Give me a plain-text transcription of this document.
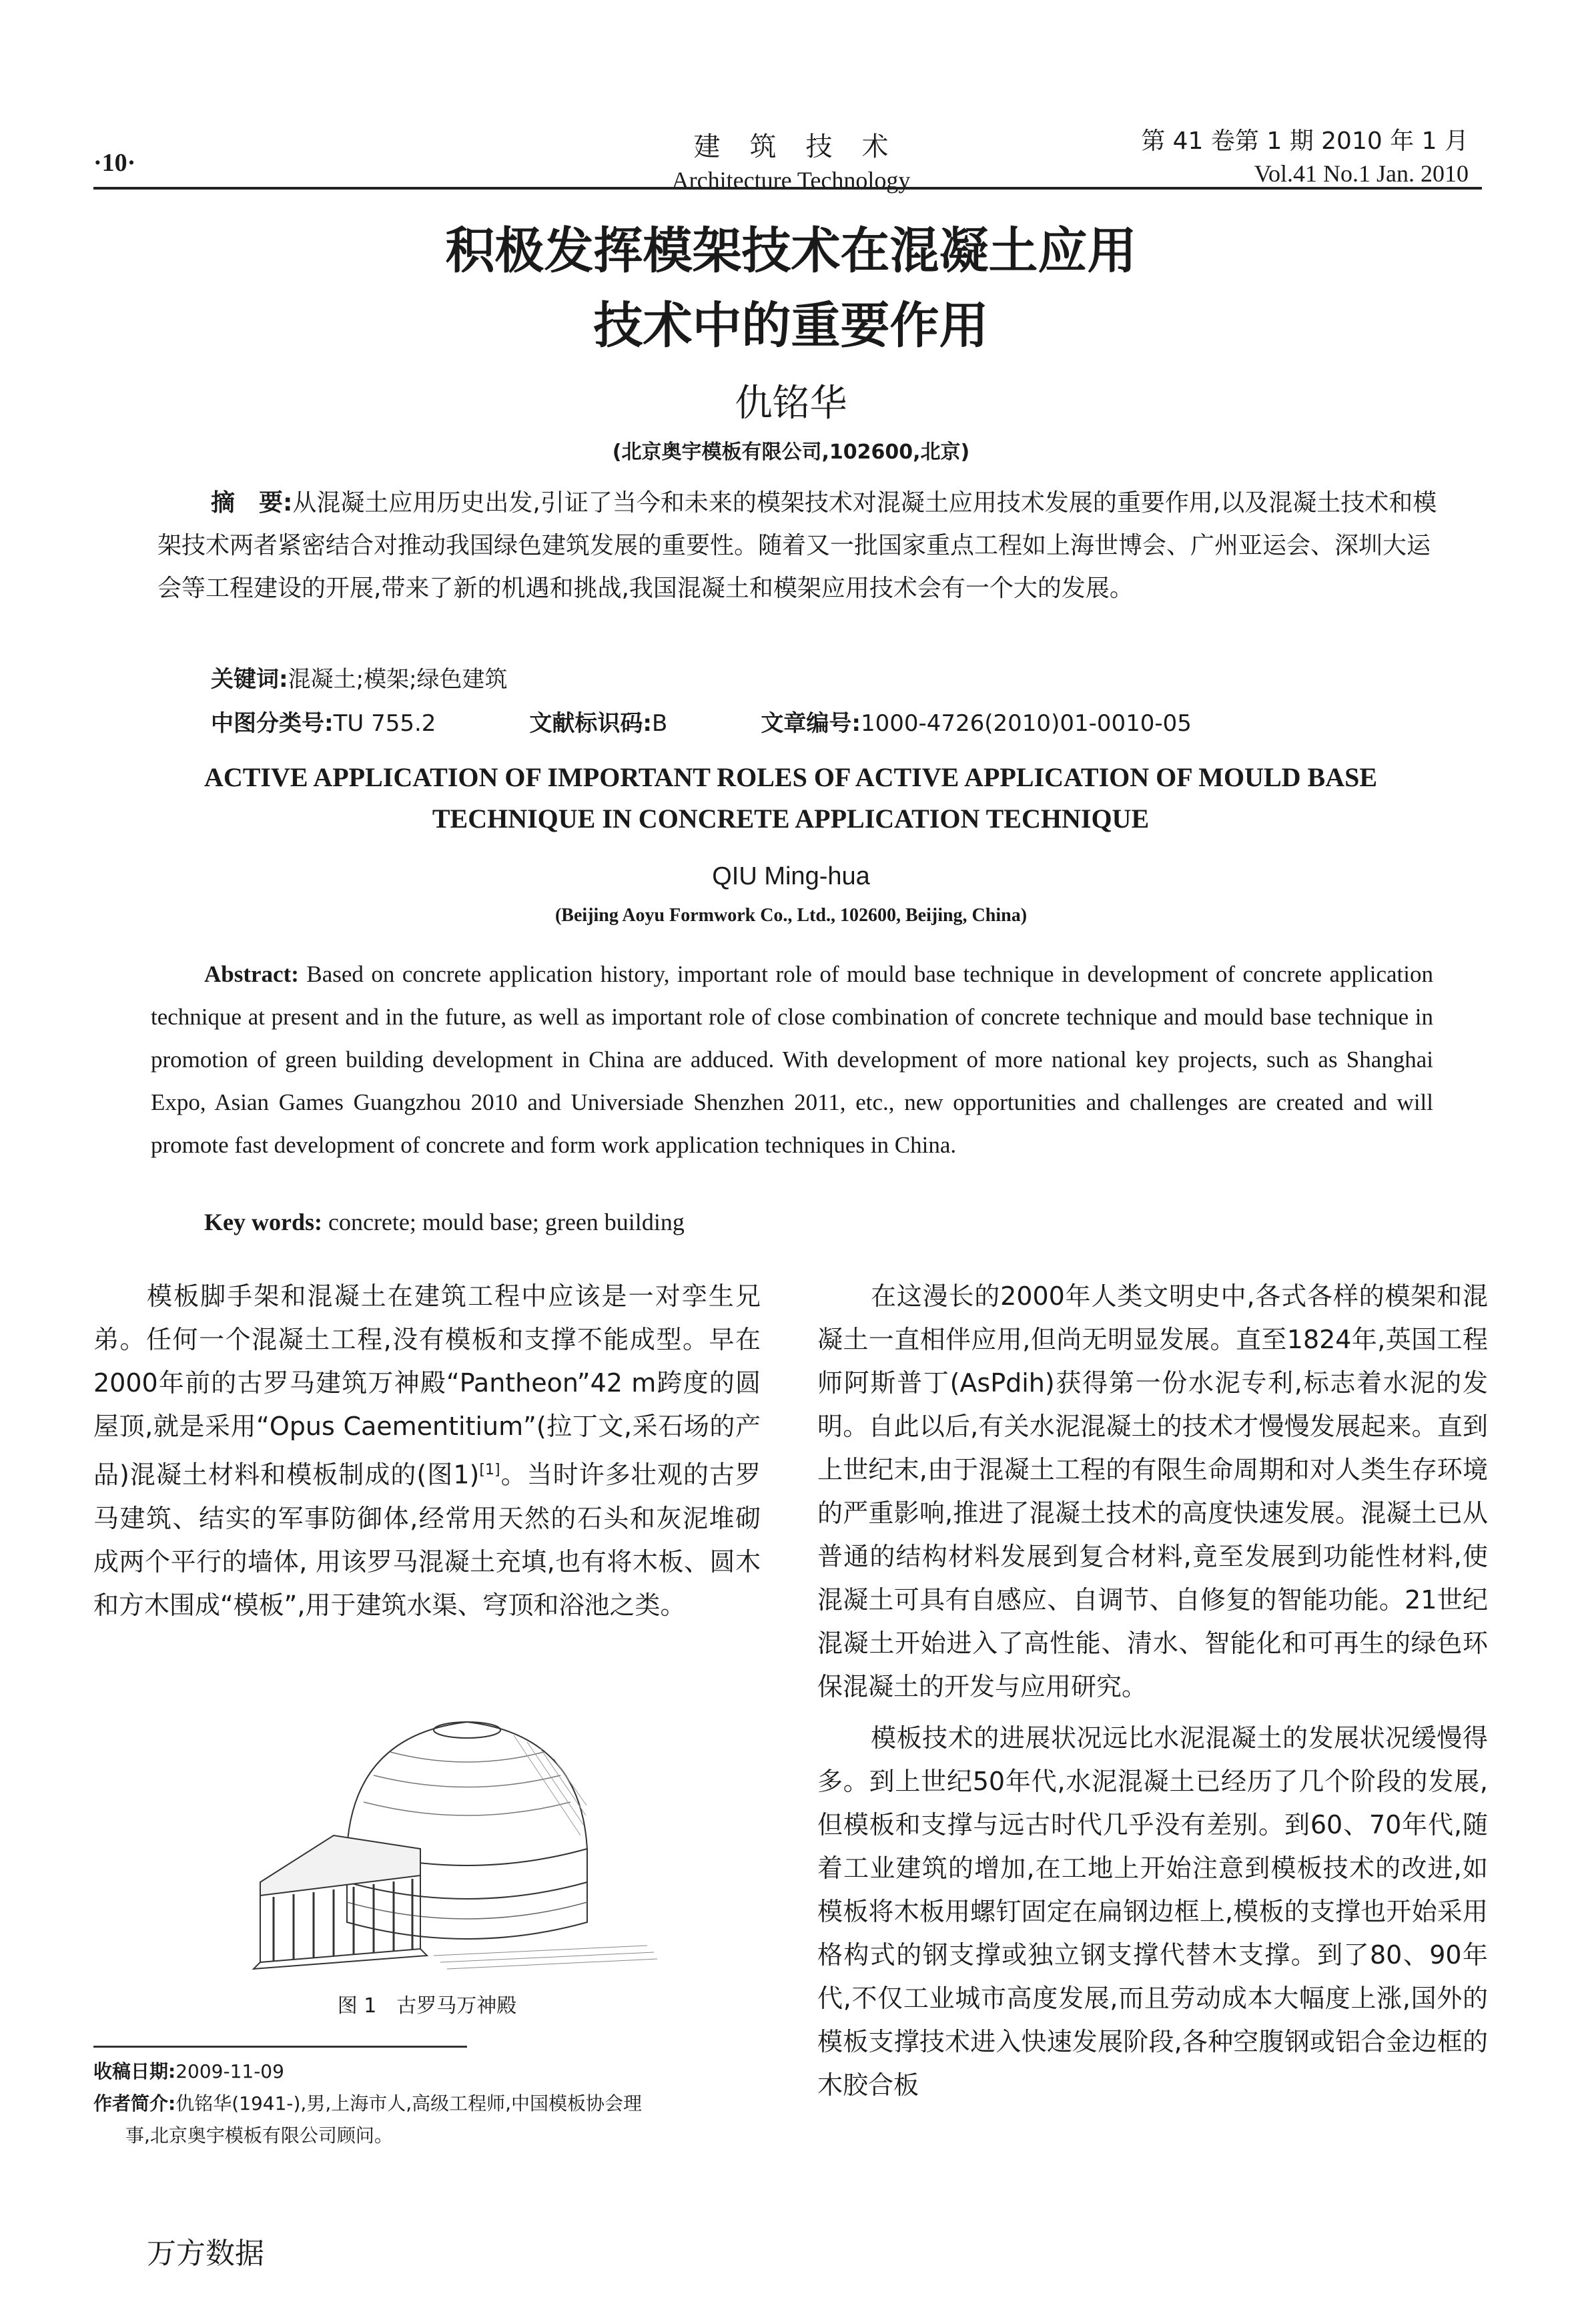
·10·
建筑技术
Architecture Technology
第 41 卷第 1 期 2010 年 1 月
Vol.41 No.1 Jan. 2010
积极发挥模架技术在混凝土应用
技术中的重要作用
仇铭华
(北京奥宇模板有限公司,102600,北京)
摘　要:从混凝土应用历史出发,引证了当今和未来的模架技术对混凝土应用技术发展的重要作用,以及混凝土技术和模架技术两者紧密结合对推动我国绿色建筑发展的重要性。随着又一批国家重点工程如上海世博会、广州亚运会、深圳大运会等工程建设的开展,带来了新的机遇和挑战,我国混凝土和模架应用技术会有一个大的发展。
关键词:混凝土;模架;绿色建筑
中图分类号:TU 755.2	文献标识码:B	文章编号:1000-4726(2010)01-0010-05
ACTIVE APPLICATION OF IMPORTANT ROLES OF ACTIVE APPLICATION OF MOULD BASE
TECHNIQUE IN CONCRETE APPLICATION TECHNIQUE
QIU Ming-hua
(Beijing Aoyu Formwork Co., Ltd., 102600, Beijing, China)
Abstract: Based on concrete application history, important role of mould base technique in development of concrete application technique at present and in the future, as well as important role of close combination of concrete technique and mould base technique in promotion of green building development in China are adduced. With development of more national key projects, such as Shanghai Expo, Asian Games Guangzhou 2010 and Universiade Shenzhen 2011, etc., new opportunities and challenges are created and will promote fast development of concrete and form work application techniques in China.
Key words: concrete; mould base; green building

模板脚手架和混凝土在建筑工程中应该是一对孪生兄弟。任何一个混凝土工程,没有模板和支撑不能成型。早在2000年前的古罗马建筑万神殿“Pantheon”42 m跨度的圆屋顶,就是采用“Opus Caementitium”(拉丁文,采石场的产品)混凝土材料和模板制成的(图1)[1]。当时许多壮观的古罗马建筑、结实的军事防御体,经常用天然的石头和灰泥堆砌成两个平行的墙体, 用该罗马混凝土充填,也有将木板、圆木和方木围成“模板”,用于建筑水渠、穹顶和浴池之类。

图 1　古罗马万神殿
收稿日期:2009-11-09
作者简介:仇铭华(1941-),男,上海市人,高级工程师,中国模板协会理
事,北京奥宇模板有限公司顾问。

在这漫长的2000年人类文明史中,各式各样的模架和混凝土一直相伴应用,但尚无明显发展。直至1824年,英国工程师阿斯普丁(AsPdih)获得第一份水泥专利,标志着水泥的发明。自此以后,有关水泥混凝土的技术才慢慢发展起来。直到上世纪末,由于混凝土工程的有限生命周期和对人类生存环境的严重影响,推进了混凝土技术的高度快速发展。混凝土已从普通的结构材料发展到复合材料,竟至发展到功能性材料,使混凝土可具有自感应、自调节、自修复的智能功能。21世纪混凝土开始进入了高性能、清水、智能化和可再生的绿色环保混凝土的开发与应用研究。

模板技术的进展状况远比水泥混凝土的发展状况缓慢得多。到上世纪50年代,水泥混凝土已经历了几个阶段的发展, 但模板和支撑与远古时代几乎没有差别。到60、70年代,随着工业建筑的增加,在工地上开始注意到模板技术的改进,如模板将木板用螺钉固定在扁钢边框上,模板的支撑也开始采用格构式的钢支撑或独立钢支撑代替木支撑。到了80、90年代,不仅工业城市高度发展,而且劳动成本大幅度上涨,国外的模板支撑技术进入快速发展阶段,各种空腹钢或铝合金边框的木胶合板

万方数据
